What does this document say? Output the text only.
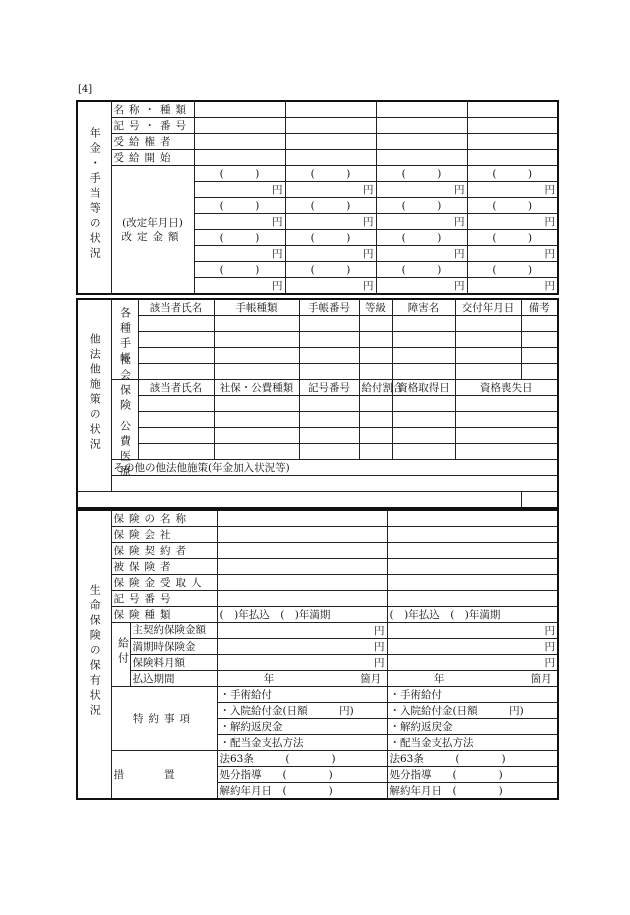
[4]
年金・手当等の状況	名称・種類				
	記号・番号				
	受給権者				
	受給開始				

	(改定年月日)
改定金額	(　　　)	(　　　)	(　　　)	(　　　)
		円	円	円	円
		(　　　)	(　　　)	(　　　)	(　　　)
		円	円	円	円
		(　　　)	(　　　)	(　　　)	(　　　)
		円	円	円	円
		(　　　)	(　　　)	(　　　)	(　　　)
		円	円	円	円
他法他施策の状況	各種手帳	該当者氏名	手帳種類	手帳番号	等級	障害名	交付年月日	備考

	社会保険公費医療	該当者氏名	社保・公費種類	記号番号	給付割合	資格取得日	資格喪失日	

	その他の他法他施策(年金加入状況等)							

生命保険の保有状況	保険の名称			
	保険会社			
	保険契約者			
	被保険者			
	保険金受取人			
	記号番号			
	保険種類		(　)年払込　(　)年満期	(　)年払込　(　)年満期
	給付	主契約保険金額	円	円
		満期時保険金	円	円
		保険料月額	円	円
		払込期間	年 箇月	年 箇月
	特約事項		・手術給付	・手術給付
			・入院給付金(日額　　　円)	・入院給付金(日額　　　円)
			・解約返戻金	・解約返戻金
			・配当金支払方法	・配当金支払方法
	措置		法63条　　　(　　　　)	法63条　　　(　　　　)
			処分指導　　(　　　　)	処分指導　　(　　　　)
			解約年月日　(　　　　)	解約年月日　(　　　　)
